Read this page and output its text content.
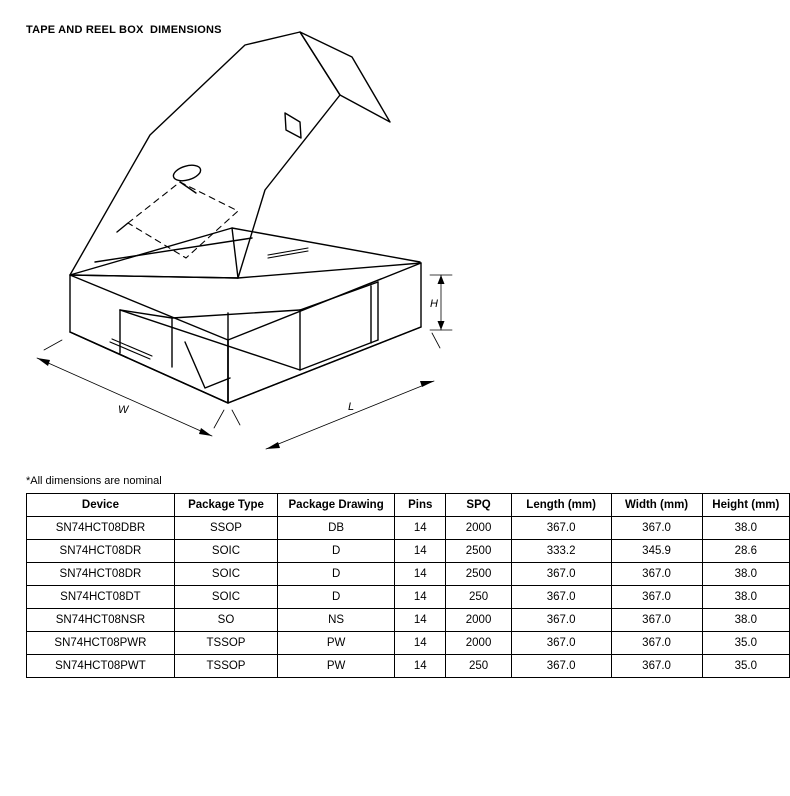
TAPE AND REEL BOX  DIMENSIONS
W	L
H
*All dimensions are nominal
Device	Package Type	Package Drawing	Pins	SPQ	Length (mm)	Width (mm)	Height (mm)
SN74HCT08DBR	SSOP	DB	14	2000	367.0	367.0	38.0
SN74HCT08DR	SOIC	D	14	2500	333.2	345.9	28.6
SN74HCT08DR	SOIC	D	14	2500	367.0	367.0	38.0
SN74HCT08DT	SOIC	D	14	250	367.0	367.0	38.0
SN74HCT08NSR	SO	NS	14	2000	367.0	367.0	38.0
SN74HCT08PWR	TSSOP	PW	14	2000	367.0	367.0	35.0
SN74HCT08PWT	TSSOP	PW	14	250	367.0	367.0	35.0
